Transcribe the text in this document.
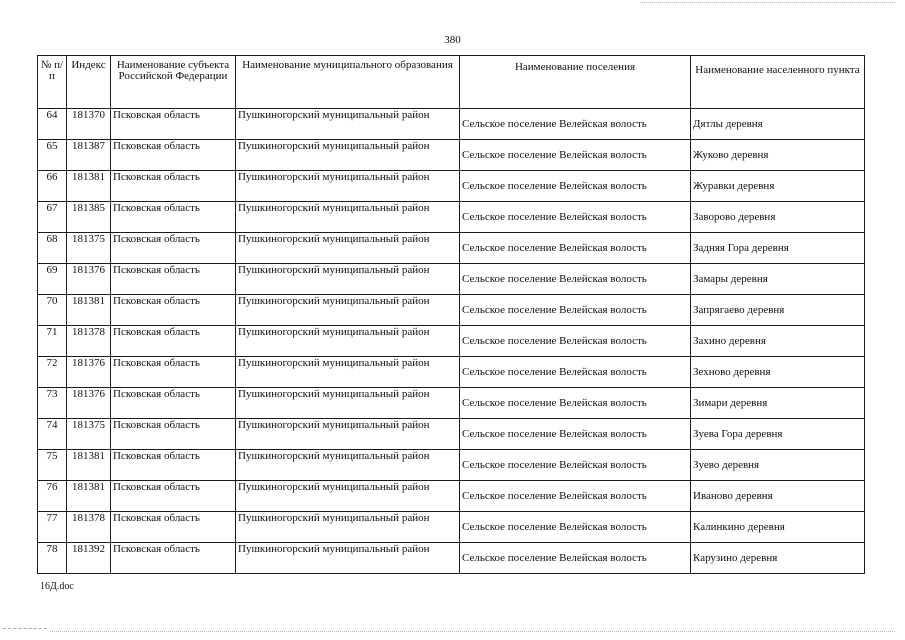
380
№ п/п	Индекс	Наименование субъекта Российской Федерации	Наименование муниципального образования	Наименование поселения	Наименование населенного пункта
64	181370	Псковская область	Пушкиногорский муниципальный район	Сельское поселение Велейская волость	Дятлы деревня
65	181387	Псковская область	Пушкиногорский муниципальный район	Сельское поселение Велейская волость	Жуково деревня
66	181381	Псковская область	Пушкиногорский муниципальный район	Сельское поселение Велейская волость	Журавки деревня
67	181385	Псковская область	Пушкиногорский муниципальный район	Сельское поселение Велейская волость	Заворово деревня
68	181375	Псковская область	Пушкиногорский муниципальный район	Сельское поселение Велейская волость	Задняя Гора деревня
69	181376	Псковская область	Пушкиногорский муниципальный район	Сельское поселение Велейская волость	Замары деревня
70	181381	Псковская область	Пушкиногорский муниципальный район	Сельское поселение Велейская волость	Запрягаево деревня
71	181378	Псковская область	Пушкиногорский муниципальный район	Сельское поселение Велейская волость	Захино деревня
72	181376	Псковская область	Пушкиногорский муниципальный район	Сельское поселение Велейская волость	Зехново деревня
73	181376	Псковская область	Пушкиногорский муниципальный район	Сельское поселение Велейская волость	Зимари деревня
74	181375	Псковская область	Пушкиногорский муниципальный район	Сельское поселение Велейская волость	Зуева Гора деревня
75	181381	Псковская область	Пушкиногорский муниципальный район	Сельское поселение Велейская волость	Зуево деревня
76	181381	Псковская область	Пушкиногорский муниципальный район	Сельское поселение Велейская волость	Иваново деревня
77	181378	Псковская область	Пушкиногорский муниципальный район	Сельское поселение Велейская волость	Калинкино деревня
78	181392	Псковская область	Пушкиногорский муниципальный район	Сельское поселение Велейская волость	Карузино деревня
16Д.doc
